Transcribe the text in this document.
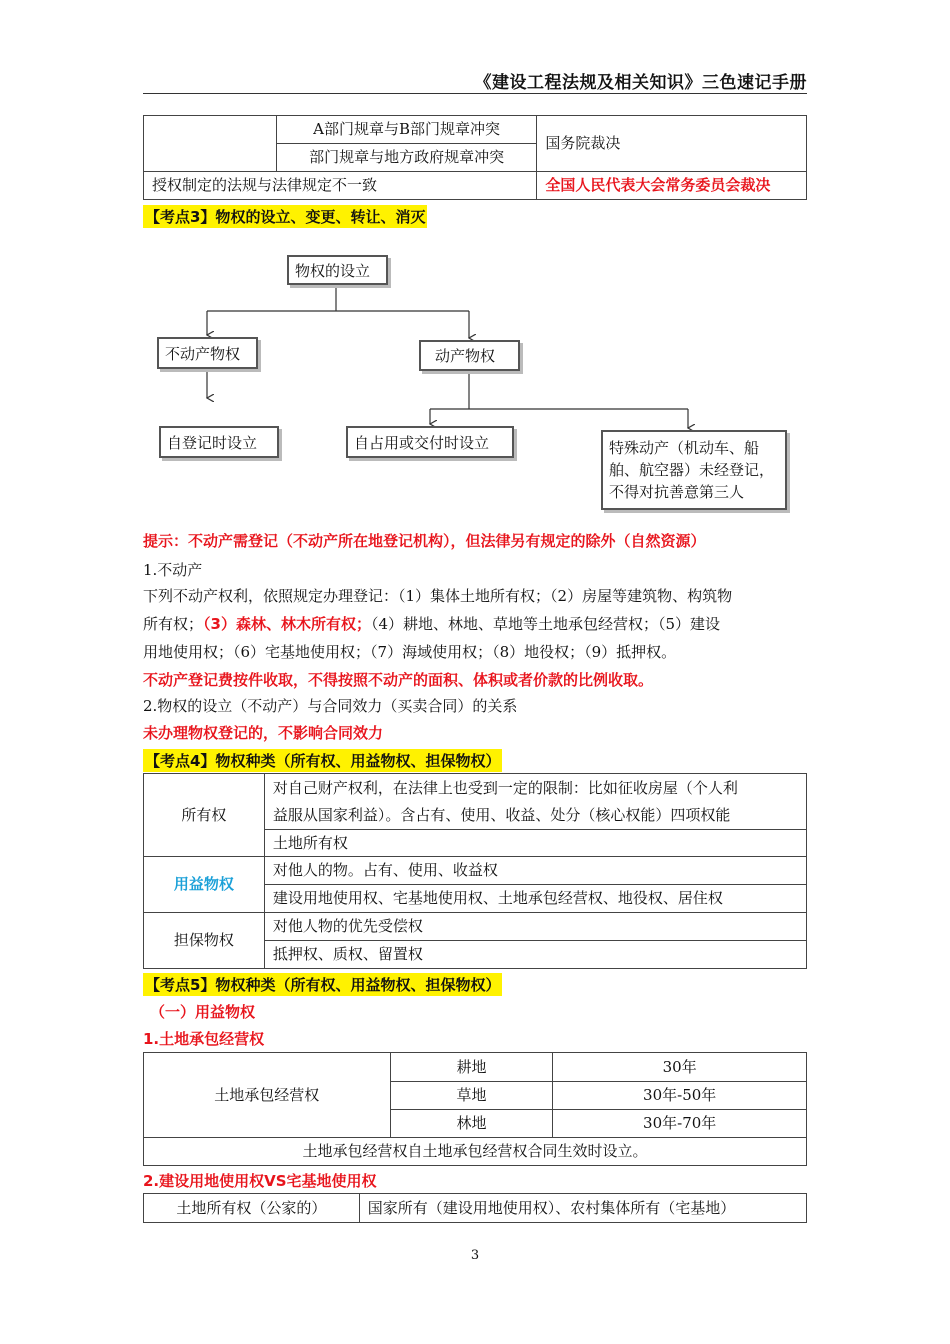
《建设工程法规及相关知识》三色速记手册
	A部门规章与B部门规章冲突	国务院裁决
	部门规章与地方政府规章冲突	
授权制定的法规与法律规定不一致		全国人民代表大会常务委员会裁决
【考点3】物权的设立、变更、转让、消灭
物权的设立
不动产物权	动产物权
自登记时设立	自占用或交付时设立	特殊动产（机动车、船
舶、航空器）未经登记，
不得对抗善意第三人
提示：不动产需登记（不动产所在地登记机构），但法律另有规定的除外（自然资源）
1.不动产
下列不动产权利，依照规定办理登记：（1）集体土地所有权；（2）房屋等建筑物、构筑物
所有权；（3）森林、林木所有权；（4）耕地、林地、草地等土地承包经营权；（5）建设
用地使用权；（6）宅基地使用权；（7）海域使用权；（8）地役权；（9）抵押权。
不动产登记费按件收取，不得按照不动产的面积、体积或者价款的比例收取。
2.物权的设立（不动产）与合同效力（买卖合同）的关系
未办理物权登记的，不影响合同效力
【考点4】物权种类（所有权、用益物权、担保物权）
所有权	对自己财产权利，在法律上也受到一定的限制：比如征收房屋（个人利
益服从国家利益）。含占有、使用、收益、处分（核心权能）四项权能

	土地所有权
用益物权	对他人的物。占有、使用、收益权
	建设用地使用权、宅基地使用权、土地承包经营权、地役权、居住权
担保物权	对他人物的优先受偿权
	抵押权、质权、留置权
【考点5】物权种类（所有权、用益物权、担保物权）
（一）用益物权
1.土地承包经营权
土地承包经营权	耕地	30年
	草地	30年-50年
	林地	30年-70年
土地承包经营权自土地承包经营权合同生效时设立。		
2.建设用地使用权VS宅基地使用权
土地所有权（公家的）	国家所有（建设用地使用权）、农村集体所有（宅基地）
3
